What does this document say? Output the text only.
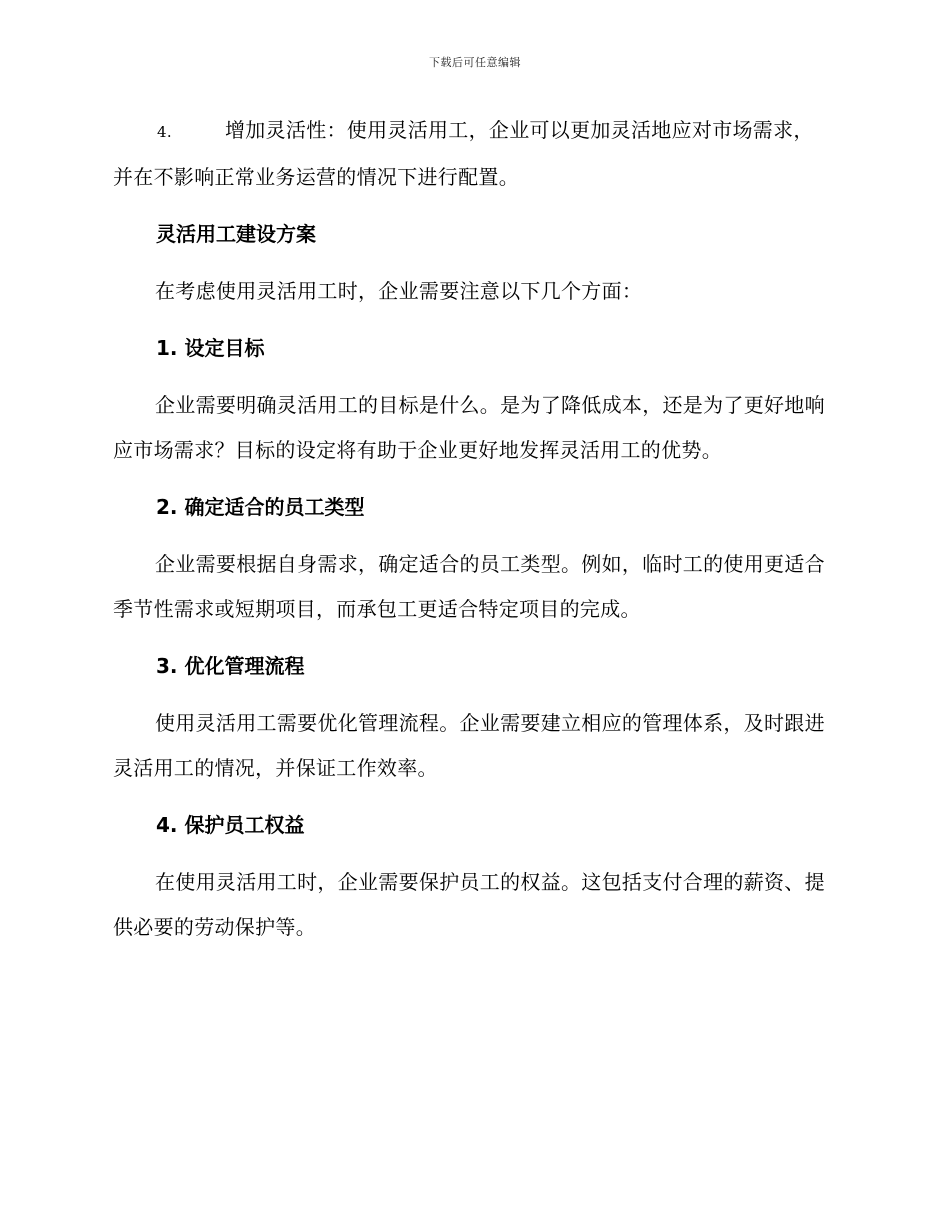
下载后可任意编辑

4.	增加灵活性：使用灵活用工，企业可以更加灵活地应对市场需求，并在不影响正常业务运营的情况下进行配置。

灵活用工建设方案

在考虑使用灵活用工时，企业需要注意以下几个方面：

1. 设定目标

企业需要明确灵活用工的目标是什么。是为了降低成本，还是为了更好地响应市场需求？目标的设定将有助于企业更好地发挥灵活用工的优势。

2. 确定适合的员工类型

企业需要根据自身需求，确定适合的员工类型。例如，临时工的使用更适合季节性需求或短期项目，而承包工更适合特定项目的完成。

3. 优化管理流程

使用灵活用工需要优化管理流程。企业需要建立相应的管理体系，及时跟进灵活用工的情况，并保证工作效率。

4. 保护员工权益

在使用灵活用工时，企业需要保护员工的权益。这包括支付合理的薪资、提供必要的劳动保护等。
